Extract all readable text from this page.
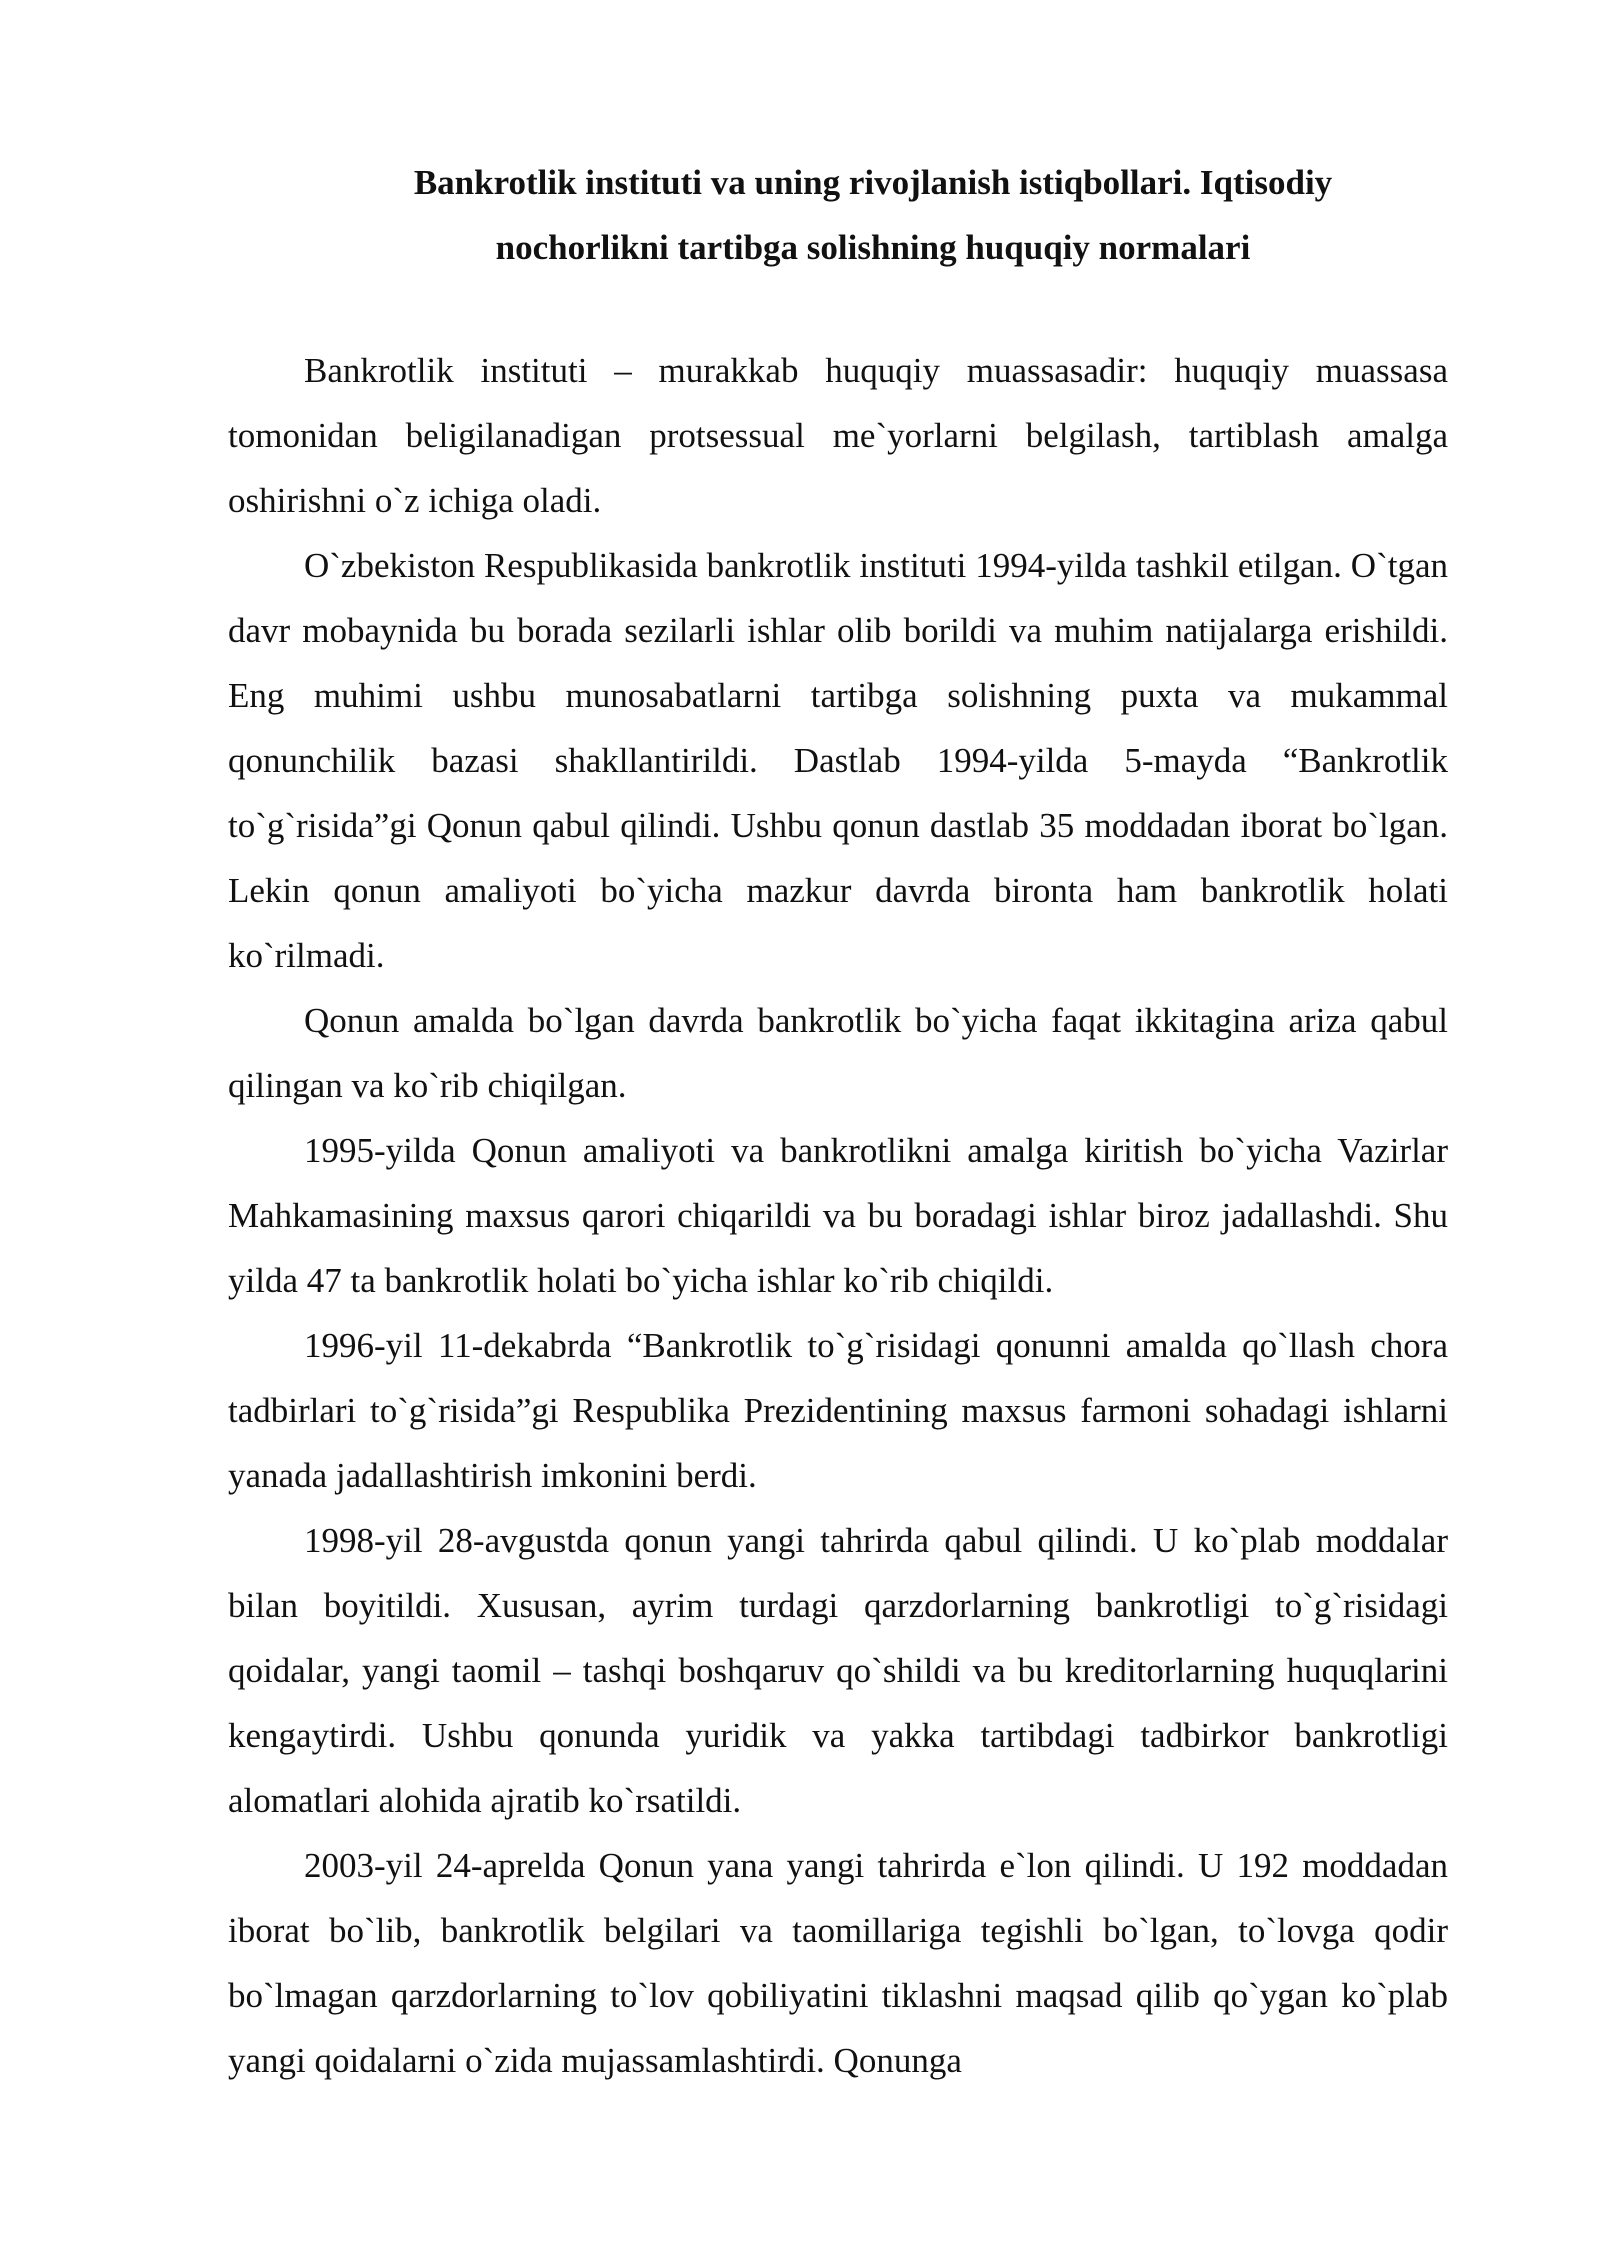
Bankrotlik instituti va uning rivojlanish istiqbollari. Iqtisodiy
nochorlikni tartibga solishning huquqiy normalari

Bankrotlik instituti – murakkab huquqiy muassasadir: huquqiy muassasa tomonidan beligilanadigan protsessual me`yorlarni belgilash, tartiblash amalga oshirishni o`z ichiga oladi.

O`zbekiston Respublikasida bankrotlik instituti 1994-yilda tashkil etilgan. O`tgan davr mobaynida bu borada sezilarli ishlar olib borildi va muhim natijalarga erishildi. Eng muhimi ushbu munosabatlarni tartibga solishning puxta va mukammal qonunchilik bazasi shakllantirildi. Dastlab 1994-yilda 5-mayda “Bankrotlik to`g`risida”gi Qonun qabul qilindi. Ushbu qonun dastlab 35 moddadan iborat bo`lgan. Lekin qonun amaliyoti bo`yicha mazkur davrda bironta ham bankrotlik holati ko`rilmadi.

Qonun amalda bo`lgan davrda bankrotlik bo`yicha faqat ikkitagina ariza qabul qilingan va ko`rib chiqilgan.

1995-yilda Qonun amaliyoti va bankrotlikni amalga kiritish bo`yicha Vazirlar Mahkamasining maxsus qarori chiqarildi va bu boradagi ishlar biroz jadallashdi. Shu yilda 47 ta bankrotlik holati bo`yicha ishlar ko`rib chiqildi.

1996-yil 11-dekabrda “Bankrotlik to`g`risidagi qonunni amalda qo`llash chora tadbirlari to`g`risida”gi Respublika Prezidentining maxsus farmoni sohadagi ishlarni yanada jadallashtirish imkonini berdi.

1998-yil 28-avgustda qonun yangi tahrirda qabul qilindi. U ko`plab moddalar bilan boyitildi. Xususan, ayrim turdagi qarzdorlarning bankrotligi to`g`risidagi qoidalar, yangi taomil – tashqi boshqaruv qo`shildi va bu kreditorlarning huquqlarini kengaytirdi. Ushbu qonunda yuridik va yakka tartibdagi tadbirkor bankrotligi alomatlari alohida ajratib ko`rsatildi.

2003-yil 24-aprelda Qonun yana yangi tahrirda e`lon qilindi. U 192 moddadan iborat bo`lib, bankrotlik belgilari va taomillariga tegishli bo`lgan, to`lovga qodir bo`lmagan qarzdorlarning to`lov qobiliyatini tiklashni maqsad qilib qo`ygan ko`plab yangi qoidalarni o`zida mujassamlashtirdi. Qonunga
